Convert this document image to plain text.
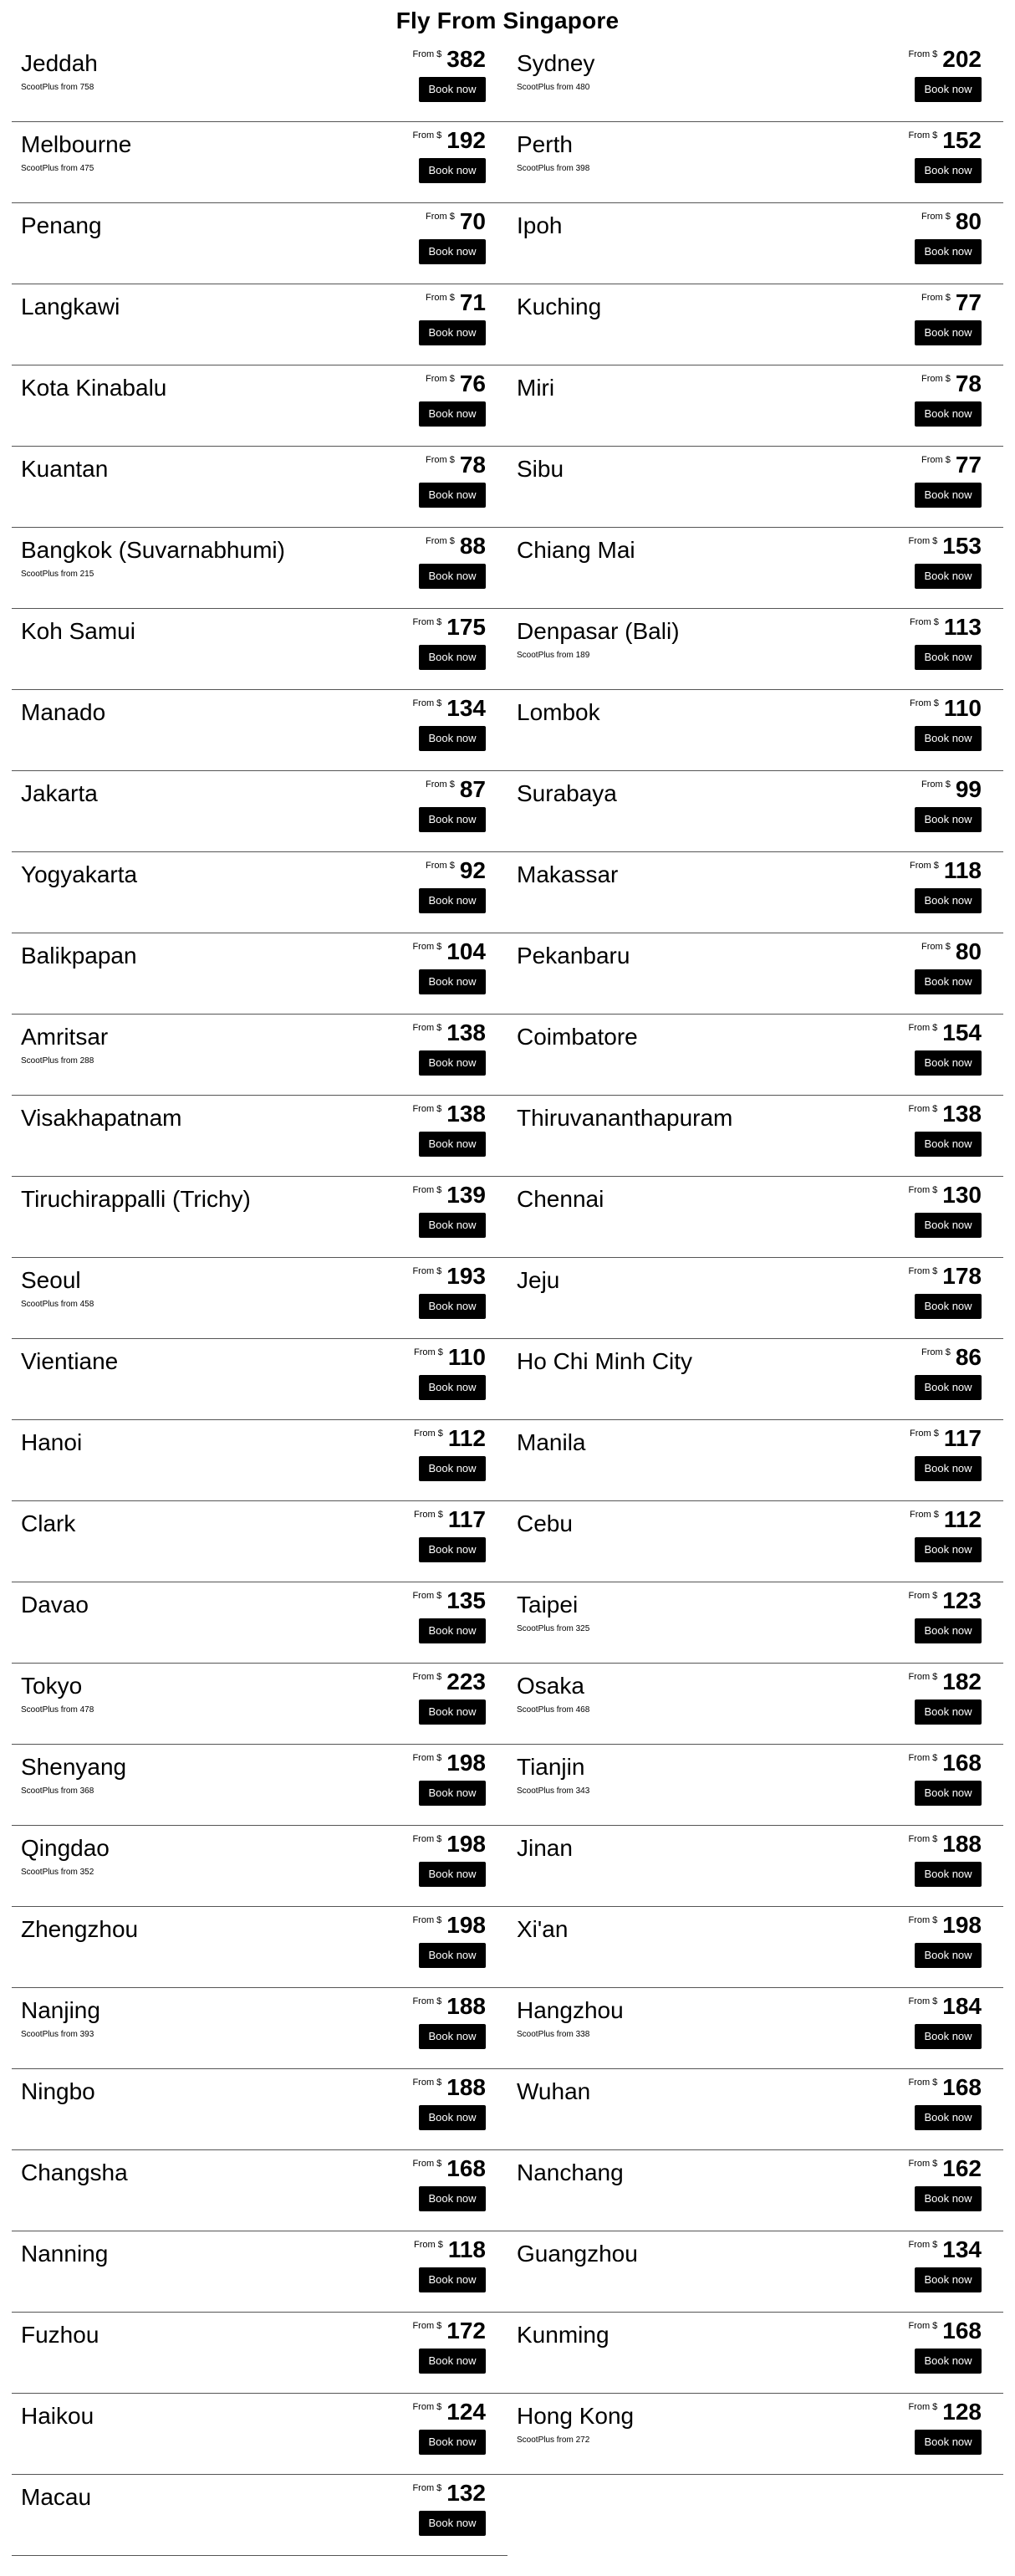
Fly From Singapore
Jeddah
ScootPlus from 758
From $ 382
Book now
Sydney
ScootPlus from 480
From $ 202
Book now
Melbourne
ScootPlus from 475
From $ 192
Book now
Perth
ScootPlus from 398
From $ 152
Book now
Penang	From $ 70
Book now
Ipoh	From $ 80
Book now
Langkawi	From $ 71
Book now
Kuching	From $ 77
Book now
Kota Kinabalu	From $ 76
Book now
Miri	From $ 78
Book now
Kuantan	From $ 78
Book now
Sibu	From $ 77
Book now
Bangkok (Suvarnabhumi)
ScootPlus from 215
From $ 88
Book now
Chiang Mai	From $ 153
Book now
Koh Samui	From $ 175
Book now
Denpasar (Bali)
ScootPlus from 189
From $ 113
Book now
Manado	From $ 134
Book now
Lombok	From $ 110
Book now
Jakarta	From $ 87
Book now
Surabaya	From $ 99
Book now
Yogyakarta	From $ 92
Book now
Makassar	From $ 118
Book now
Balikpapan	From $ 104
Book now
Pekanbaru	From $ 80
Book now
Amritsar
ScootPlus from 288
From $ 138
Book now
Coimbatore	From $ 154
Book now
Visakhapatnam	From $ 138
Book now
Thiruvananthapuram	From $ 138
Book now
Tiruchirappalli (Trichy)	From $ 139
Book now
Chennai	From $ 130
Book now
Seoul
ScootPlus from 458
From $ 193
Book now
Jeju	From $ 178
Book now
Vientiane	From $ 110
Book now
Ho Chi Minh City	From $ 86
Book now
Hanoi	From $ 112
Book now
Manila	From $ 117
Book now
Clark	From $ 117
Book now
Cebu	From $ 112
Book now
Davao	From $ 135
Book now
Taipei
ScootPlus from 325
From $ 123
Book now
Tokyo
ScootPlus from 478
From $ 223
Book now
Osaka
ScootPlus from 468
From $ 182
Book now
Shenyang
ScootPlus from 368
From $ 198
Book now
Tianjin
ScootPlus from 343
From $ 168
Book now
Qingdao
ScootPlus from 352
From $ 198
Book now
Jinan	From $ 188
Book now
Zhengzhou	From $ 198
Book now
Xi'an	From $ 198
Book now
Nanjing
ScootPlus from 393
From $ 188
Book now
Hangzhou
ScootPlus from 338
From $ 184
Book now
Ningbo	From $ 188
Book now
Wuhan	From $ 168
Book now
Changsha	From $ 168
Book now
Nanchang	From $ 162
Book now
Nanning	From $ 118
Book now
Guangzhou	From $ 134
Book now
Fuzhou	From $ 172
Book now
Kunming	From $ 168
Book now
Haikou	From $ 124
Book now
Hong Kong
ScootPlus from 272
From $ 128
Book now
Macau	From $ 132
Book now
